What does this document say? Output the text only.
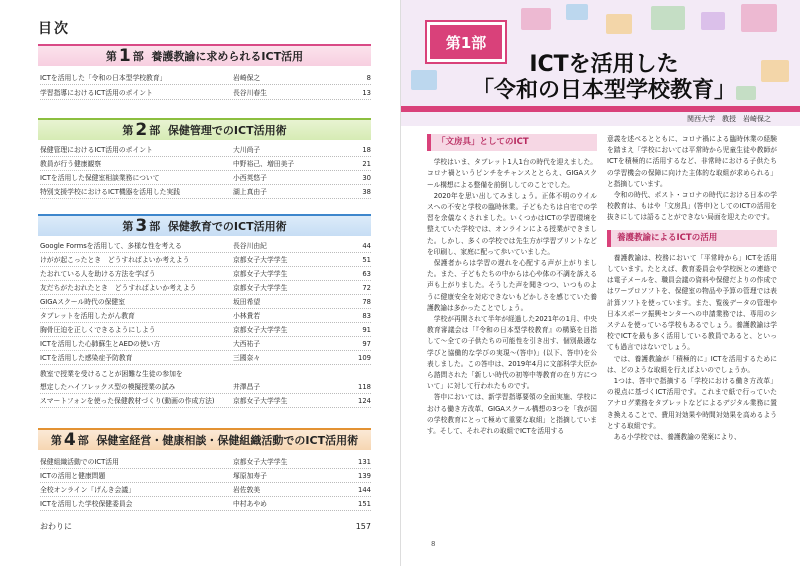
目次
第 1 部
養護教諭に求められるICT活用
ICTを活用した「令和の日本型学校教育」	岩崎保之	8
学習指導におけるICT活用のポイント	長谷川春生	13
第 2 部
保健管理でのICT活用術
保健管理におけるICT活用のポイント	大川尚子	18
教員が行う健康観察	中野裕己、増田美子	21
ICTを活用した保健室相談業務について	小西英悠子	30
特別支援学校におけるICT機器を活用した実践	湖上真由子	38
第 3 部
保健教育でのICT活用術
Google Formsを活用して、多様な性を考える	長谷川由紀	44
けがが起こったとき　どうすればよいか考えよう	京都女子大学学生	51
たおれている人を助ける方法を学ぼう	京都女子大学学生	63
友だちがたおれたとき　どうすればよいか考えよう	京都女子大学学生	72
GIGAスクール時代の保健室	坂田希望	78
タブレットを活用したがん教育	小林貴若	83
胸骨圧迫を正しくできるようにしよう	京都女子大学学生	91
ICTを活用した心肺蘇生とAEDの使い方	大西祐子	97
ICTを活用した感染症予防教育	三國奈々	109
教室で授業を受けることが困難な生徒の参加を
想定したハイフレックス型の模擬授業の試み	井澤昌子	118
スマートフォンを使った保健教材づくり(動画の作成方法)	京都女子大学学生	124
第 4 部
保健室経営・健康相談・保健組織活動でのICT活用術
保健組織活動でのICT活用	京都女子大学学生	131
ICTの活用と健康問題	塚原加寿子	139
全校オンライン「げんき会議」	岩佐敦美	144
ICTを活用した学校保健委員会	中村あやめ	151
おわりに	157
第1部
ICTを活用した
「令和の日本型学校教育」
関西大学　教授　岩崎保之
「文房具」としてのICT

学校はいま、タブレット1人1台の時代を迎えました。コロナ禍というピンチをチャンスととらえ、GIGAスクール構想による整備を前倒ししてのことでした。

2020年を思い出してみましょう。正体不明のウイルスへの不安と学校の臨時休業。子どもたちは自宅での学習を余儀なくされました。いくつかはICTの学習環境を整えていた学校では、オンラインによる授業ができました。しかし、多くの学校では先生方が学習プリントなどを印刷し、家庭に配って歩いていました。

保護者からは学習の遅れを心配する声が上がりました。また、子どもたちの中からは心や体の不調を訴える声も上がりました。そうした声を聞きつつ、いつものように健康安全を対応できないもどかしさを感じていた養護教諭は多かったことでしょう。

学校が再開されて半年が経過した2021年の1月、中央教育審議会は「『令和の日本型学校教育』の構築を目指して～全ての子供たちの可能性を引き出す、個別最適な学びと協働的な学びの実現～(答申)」(以下、答申)を公表しました。この答申は、2019年4月に文部科学大臣から諮問された「新しい時代の初等中等教育の在り方について」に対して行われたものです。

答申においては、新学習指導要領の全面実施、学校における働き方改革、GIGAスクール構想の3つを「我が国の学校教育にとって極めて重要な取組」と指摘しています。そして、それぞれの取組でICTを活用する

意義を述べるとともに、コロナ禍による臨時休業の経験を踏まえ「学校においては平常時から児童生徒や教師がICTを積極的に活用するなど、非常時における子供たちの学習機会の保障に向けた主体的な取組が求められる」と指摘しています。

令和の時代、ポスト・コロナの時代における日本の学校教育は、もはや「文房具」(答申)としてのICTの活用を抜きにしては語ることができない局面を迎えたのです。

養護教諭によるICTの活用

養護教諭は、校務において「平常時から」ICTを活用しています。たとえば、教育委員会や学校医との連絡では電子メールを、職員会議の資料や保健だよりの作成ではワープロソフトを、保健室の物品や予算の管理では表計算ソフトを使っています。また、覧後データの管理や日本スポーツ振興センターへの申請業務では、専用のシステムを使っている学校もあるでしょう。養護教諭は学校でICTを最も多く活用している教員であると、といっても過言ではないでしょう。

では、養護教諭が「積極的に」ICTを活用するためには、どのような取組を行えばよいのでしょうか。

1つは、答申で指摘する「学校における働き方改革」の視点に基づくICT活用です。これまで紙で行っていたアナログ業務をタブレットなどによるデジタル業務に置き換えることで、費用対効果や時間対効果を高めるようとする取組です。

ある小学校では、養護教諭の発案により、

8
